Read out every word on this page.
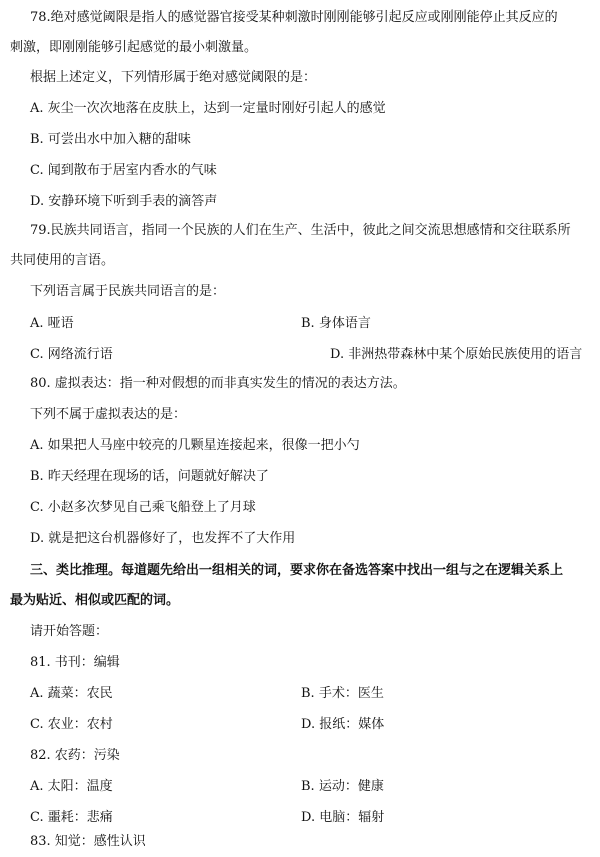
78.绝对感觉阈限是指人的感觉器官接受某种刺激时刚刚能够引起反应或刚刚能停止其反应的
刺激，即刚刚能够引起感觉的最小刺激量。
根据上述定义，下列情形属于绝对感觉阈限的是：
A. 灰尘一次次地落在皮肤上，达到一定量时刚好引起人的感觉
B. 可尝出水中加入糖的甜味
C. 闻到散布于居室内香水的气味
D. 安静环境下听到手表的滴答声
79.民族共同语言，指同一个民族的人们在生产、生活中，彼此之间交流思想感情和交往联系所
共同使用的言语。
下列语言属于民族共同语言的是：
A. 哑语	B. 身体语言
C. 网络流行语	D. 非洲热带森林中某个原始民族使用的语言
80. 虚拟表达：指一种对假想的而非真实发生的情况的表达方法。
下列不属于虚拟表达的是：
A. 如果把人马座中较亮的几颗星连接起来，很像一把小勺
B. 昨天经理在现场的话，问题就好解决了
C. 小赵多次梦见自己乘飞船登上了月球
D. 就是把这台机器修好了，也发挥不了大作用
三、类比推理。每道题先给出一组相关的词，要求你在备选答案中找出一组与之在逻辑关系上
最为贴近、相似或匹配的词。
请开始答题：
81. 书刊：编辑
A. 蔬菜：农民	B. 手术：医生
C. 农业：农村	D. 报纸：媒体
82. 农药：污染
A. 太阳：温度	B. 运动：健康
C. 噩耗：悲痛	D. 电脑：辐射
83. 知觉：感性认识
